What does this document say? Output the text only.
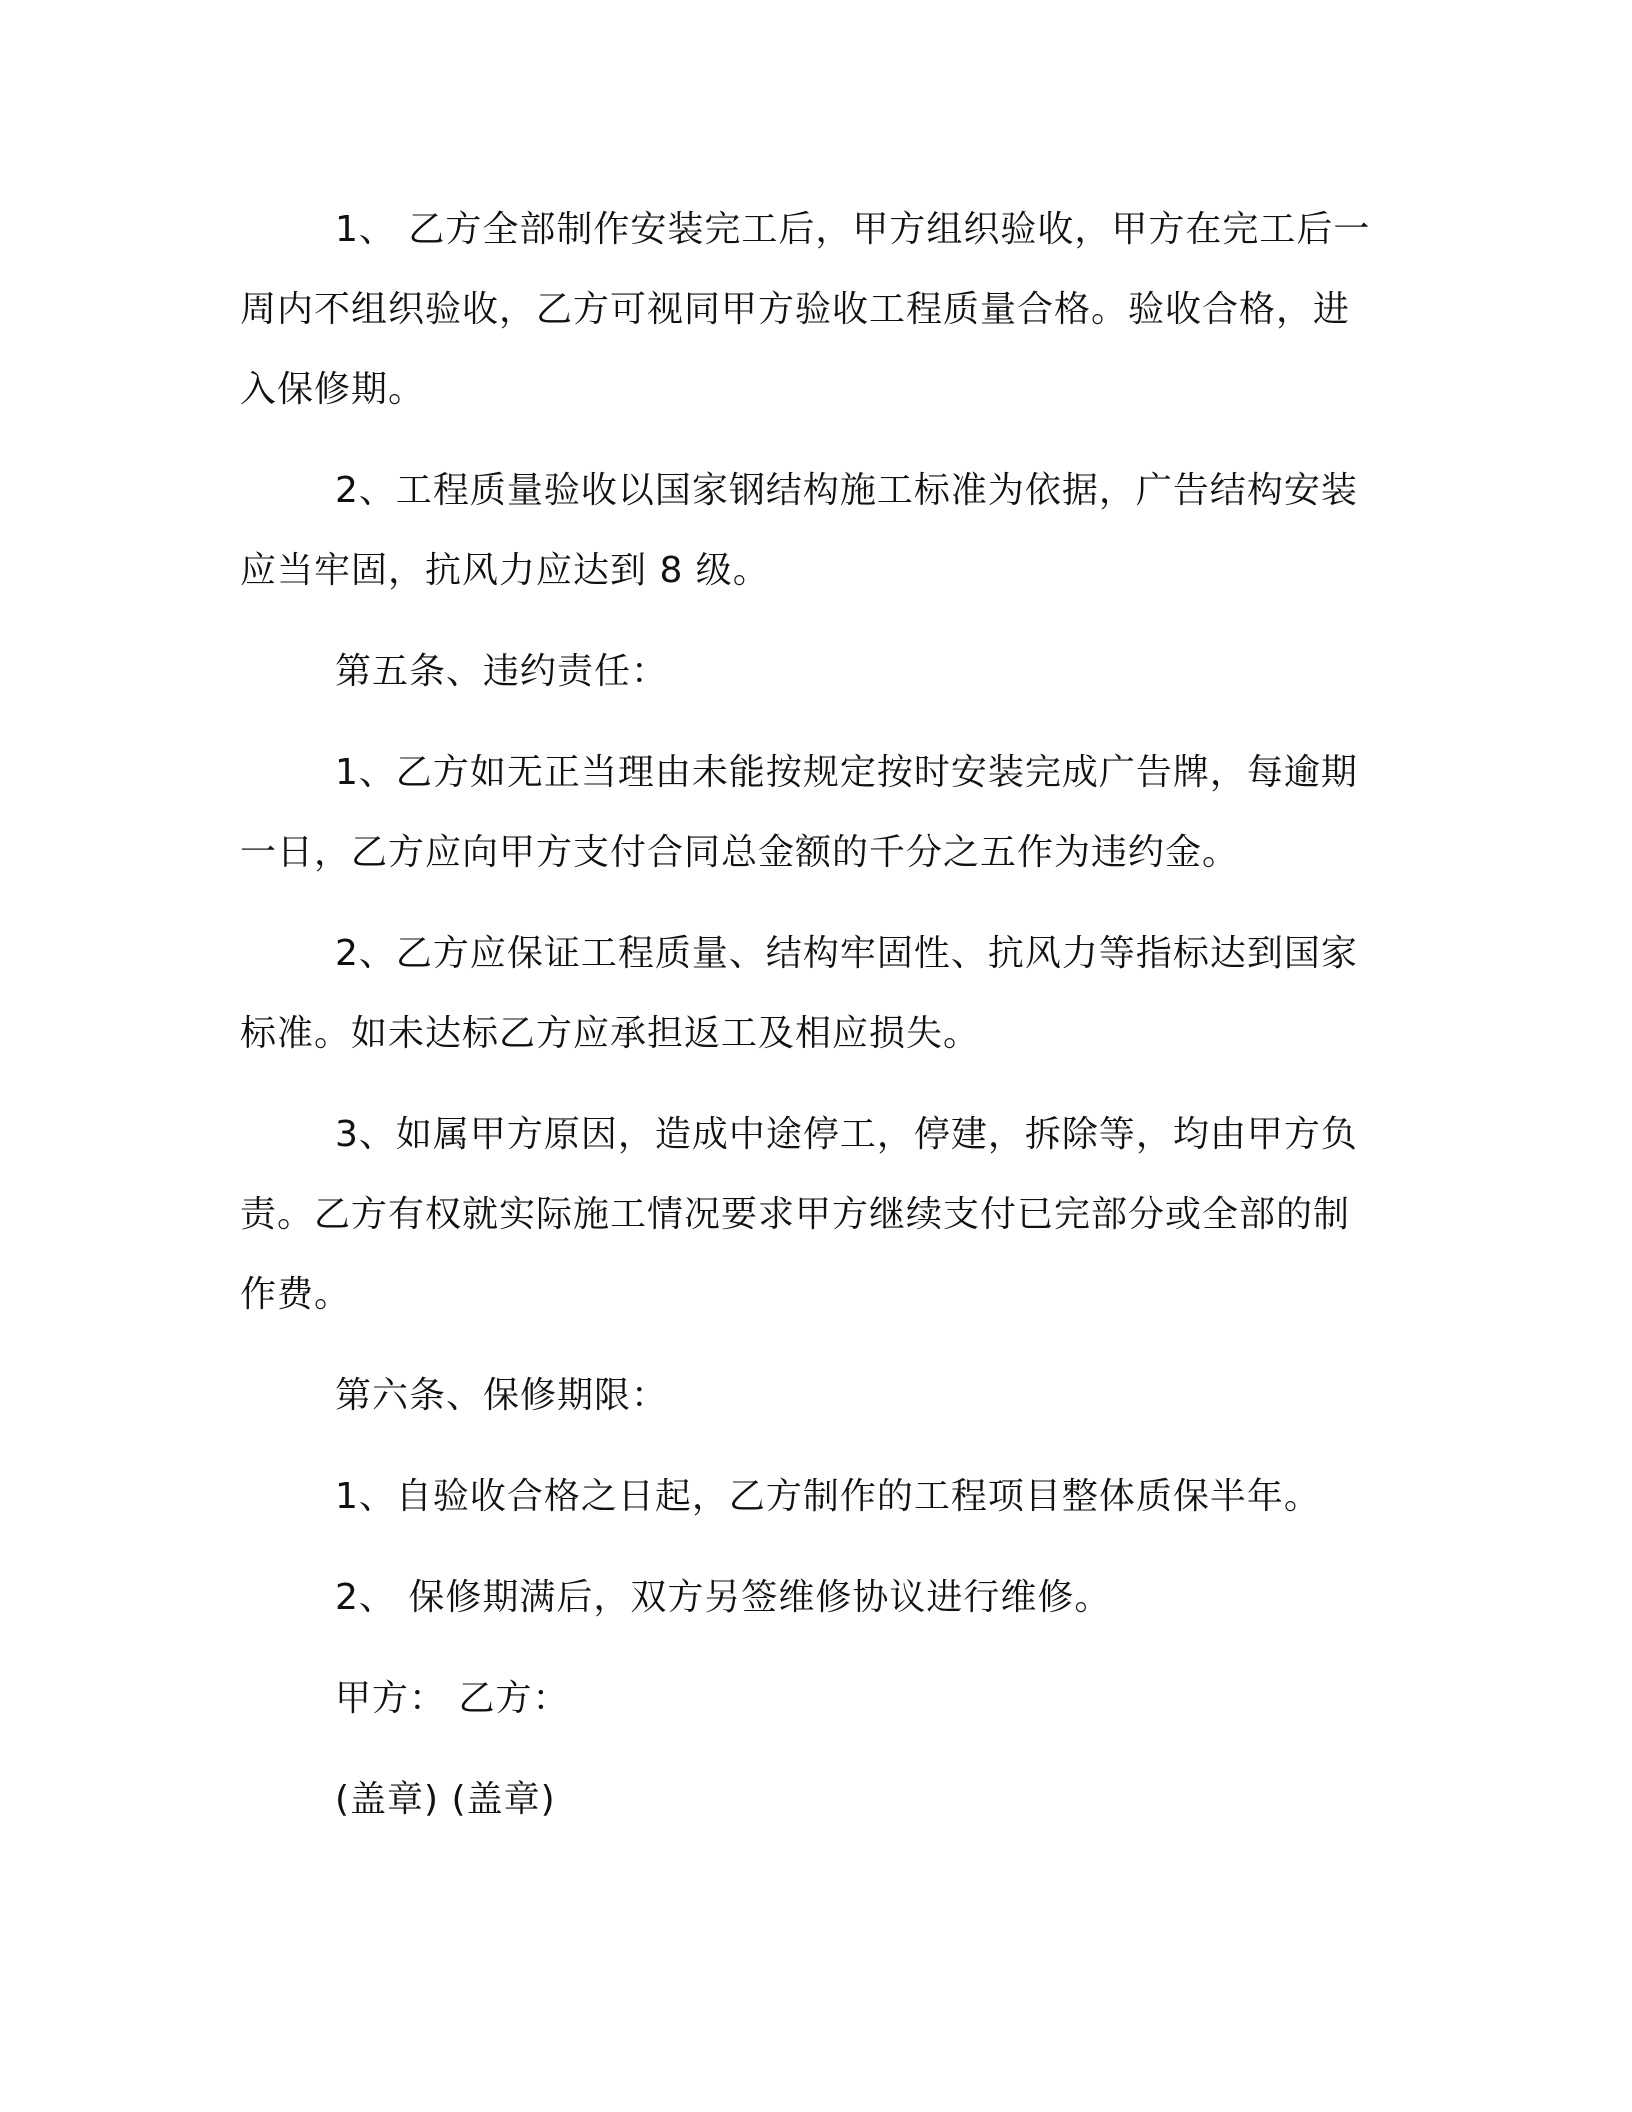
1、 乙方全部制作安装完工后，甲方组织验收，甲方在完工后一
周内不组织验收，乙方可视同甲方验收工程质量合格。验收合格，进
入保修期。

2、工程质量验收以国家钢结构施工标准为依据，广告结构安装
应当牢固，抗风力应达到 8 级。

第五条、违约责任：

1、乙方如无正当理由未能按规定按时安装完成广告牌，每逾期
一日，乙方应向甲方支付合同总金额的千分之五作为违约金。

2、乙方应保证工程质量、结构牢固性、抗风力等指标达到国家
标准。如未达标乙方应承担返工及相应损失。

3、如属甲方原因，造成中途停工，停建，拆除等，均由甲方负
责。乙方有权就实际施工情况要求甲方继续支付已完部分或全部的制
作费。

第六条、保修期限：

1、自验收合格之日起，乙方制作的工程项目整体质保半年。

2、 保修期满后，双方另签维修协议进行维修。

甲方： 乙方：

(盖章) (盖章)
